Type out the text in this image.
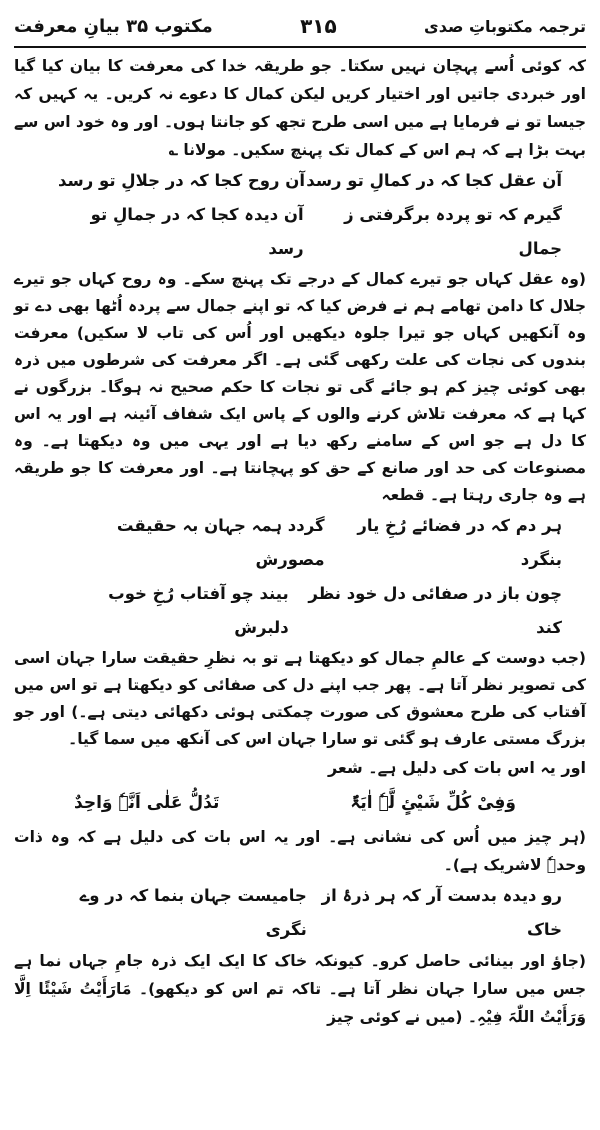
ترجمہ مکتوباتِ صدی
۳۱۵
مکتوب ۳۵ بیانِ معرفت

کہ کوئی اُسے پہچان نہیں سکتا۔ جو طریقہ خدا کی معرفت کا بیان کیا گیا اور خبردی جاتیں اور اختیار کریں لیکن کمال کا دعوے نہ کریں۔ یہ کہیں کہ جیسا تو نے فرمایا ہے میں اسی طرح تجھ کو جانتا ہوں۔ اور وہ خود اس سے بہت بڑا ہے کہ ہم اس کے کمال تک پہنچ سکیں۔ مولانا ؎

آن عقل کجا کہ در کمالِ تو رسد
آن روح کجا کہ در جلالِ تو رسد
گیرم کہ تو پردہ برگرفتی ز جمال
آن دیدہ کجا کہ در جمالِ تو رسد

(وہ عقل کہاں جو تیرے کمال کے درجے تک پہنچ سکے۔ وہ روح کہاں جو تیرے جلال کا دامن تھامے ہم نے فرض کیا کہ تو اپنے جمال سے پردہ اُٹھا بھی دے تو وہ آنکھیں کہاں جو تیرا جلوہ دیکھیں اور اُس کی تاب لا سکیں) معرفت بندوں کی نجات کی علت رکھی گئی ہے۔ اگر معرفت کی شرطوں میں ذرہ بھی کوئی چیز کم ہو جائے گی تو نجات کا حکم صحیح نہ ہوگا۔ بزرگوں نے کہا ہے کہ معرفت تلاش کرنے والوں کے پاس ایک شفاف آئینہ ہے اور یہ اس کا دل ہے جو اس کے سامنے رکھ دیا ہے اور یہی میں وہ دیکھتا ہے۔ وہ مصنوعات کی حد اور صانع کے حق کو پہچانتا ہے۔ اور معرفت کا جو طریقہ ہے وہ جاری رہتا ہے۔ قطعہ

ہر دم کہ در فضائے رُخِ یار بنگرد
گردد ہمہ جہان بہ حقیقت مصورش
چون باز در صفائی دل خود نظر کند
بیند چو آفتاب رُخِ خوب دلبرش

(جب دوست کے عالمِ جمال کو دیکھتا ہے تو بہ نظرِ حقیقت سارا جہان اسی کی تصویر نظر آتا ہے۔ پھر جب اپنے دل کی صفائی کو دیکھتا ہے تو اس میں آفتاب کی طرح معشوق کی صورت چمکتی ہوئی دکھائی دیتی ہے۔) اور جو بزرگ مستی عارف ہو گئی تو سارا جہان اس کی آنکھ میں سما گیا۔

اور یہ اس بات کی دلیل ہے۔ شعر
وَفِیْ کُلِّ شَیْئٍ لَّہٗ اٰیَۃٌ
تَدُلُّ عَلٰی اَنَّہٗ وَاحِدٌ

(ہر چیز میں اُس کی نشانی ہے۔ اور یہ اس بات کی دلیل ہے کہ وہ ذات وحدہٗ لاشریک ہے)۔

رو دیدہ بدست آر کہ ہر ذرۂ از خاک
جامیست جہان بنما کہ در وے نگری

(جاؤ اور بینائی حاصل کرو۔ کیونکہ خاک کا ایک ایک ذرہ جامِ جہاں نما ہے جس میں سارا جہان نظر آتا ہے۔ تاکہ تم اس کو دیکھو)۔ مَارَأَیْتُ شَیْئًا اِلَّا وَرَأَیْتُ اللّٰہَ فِیْہِ۔ (میں نے کوئی چیز
